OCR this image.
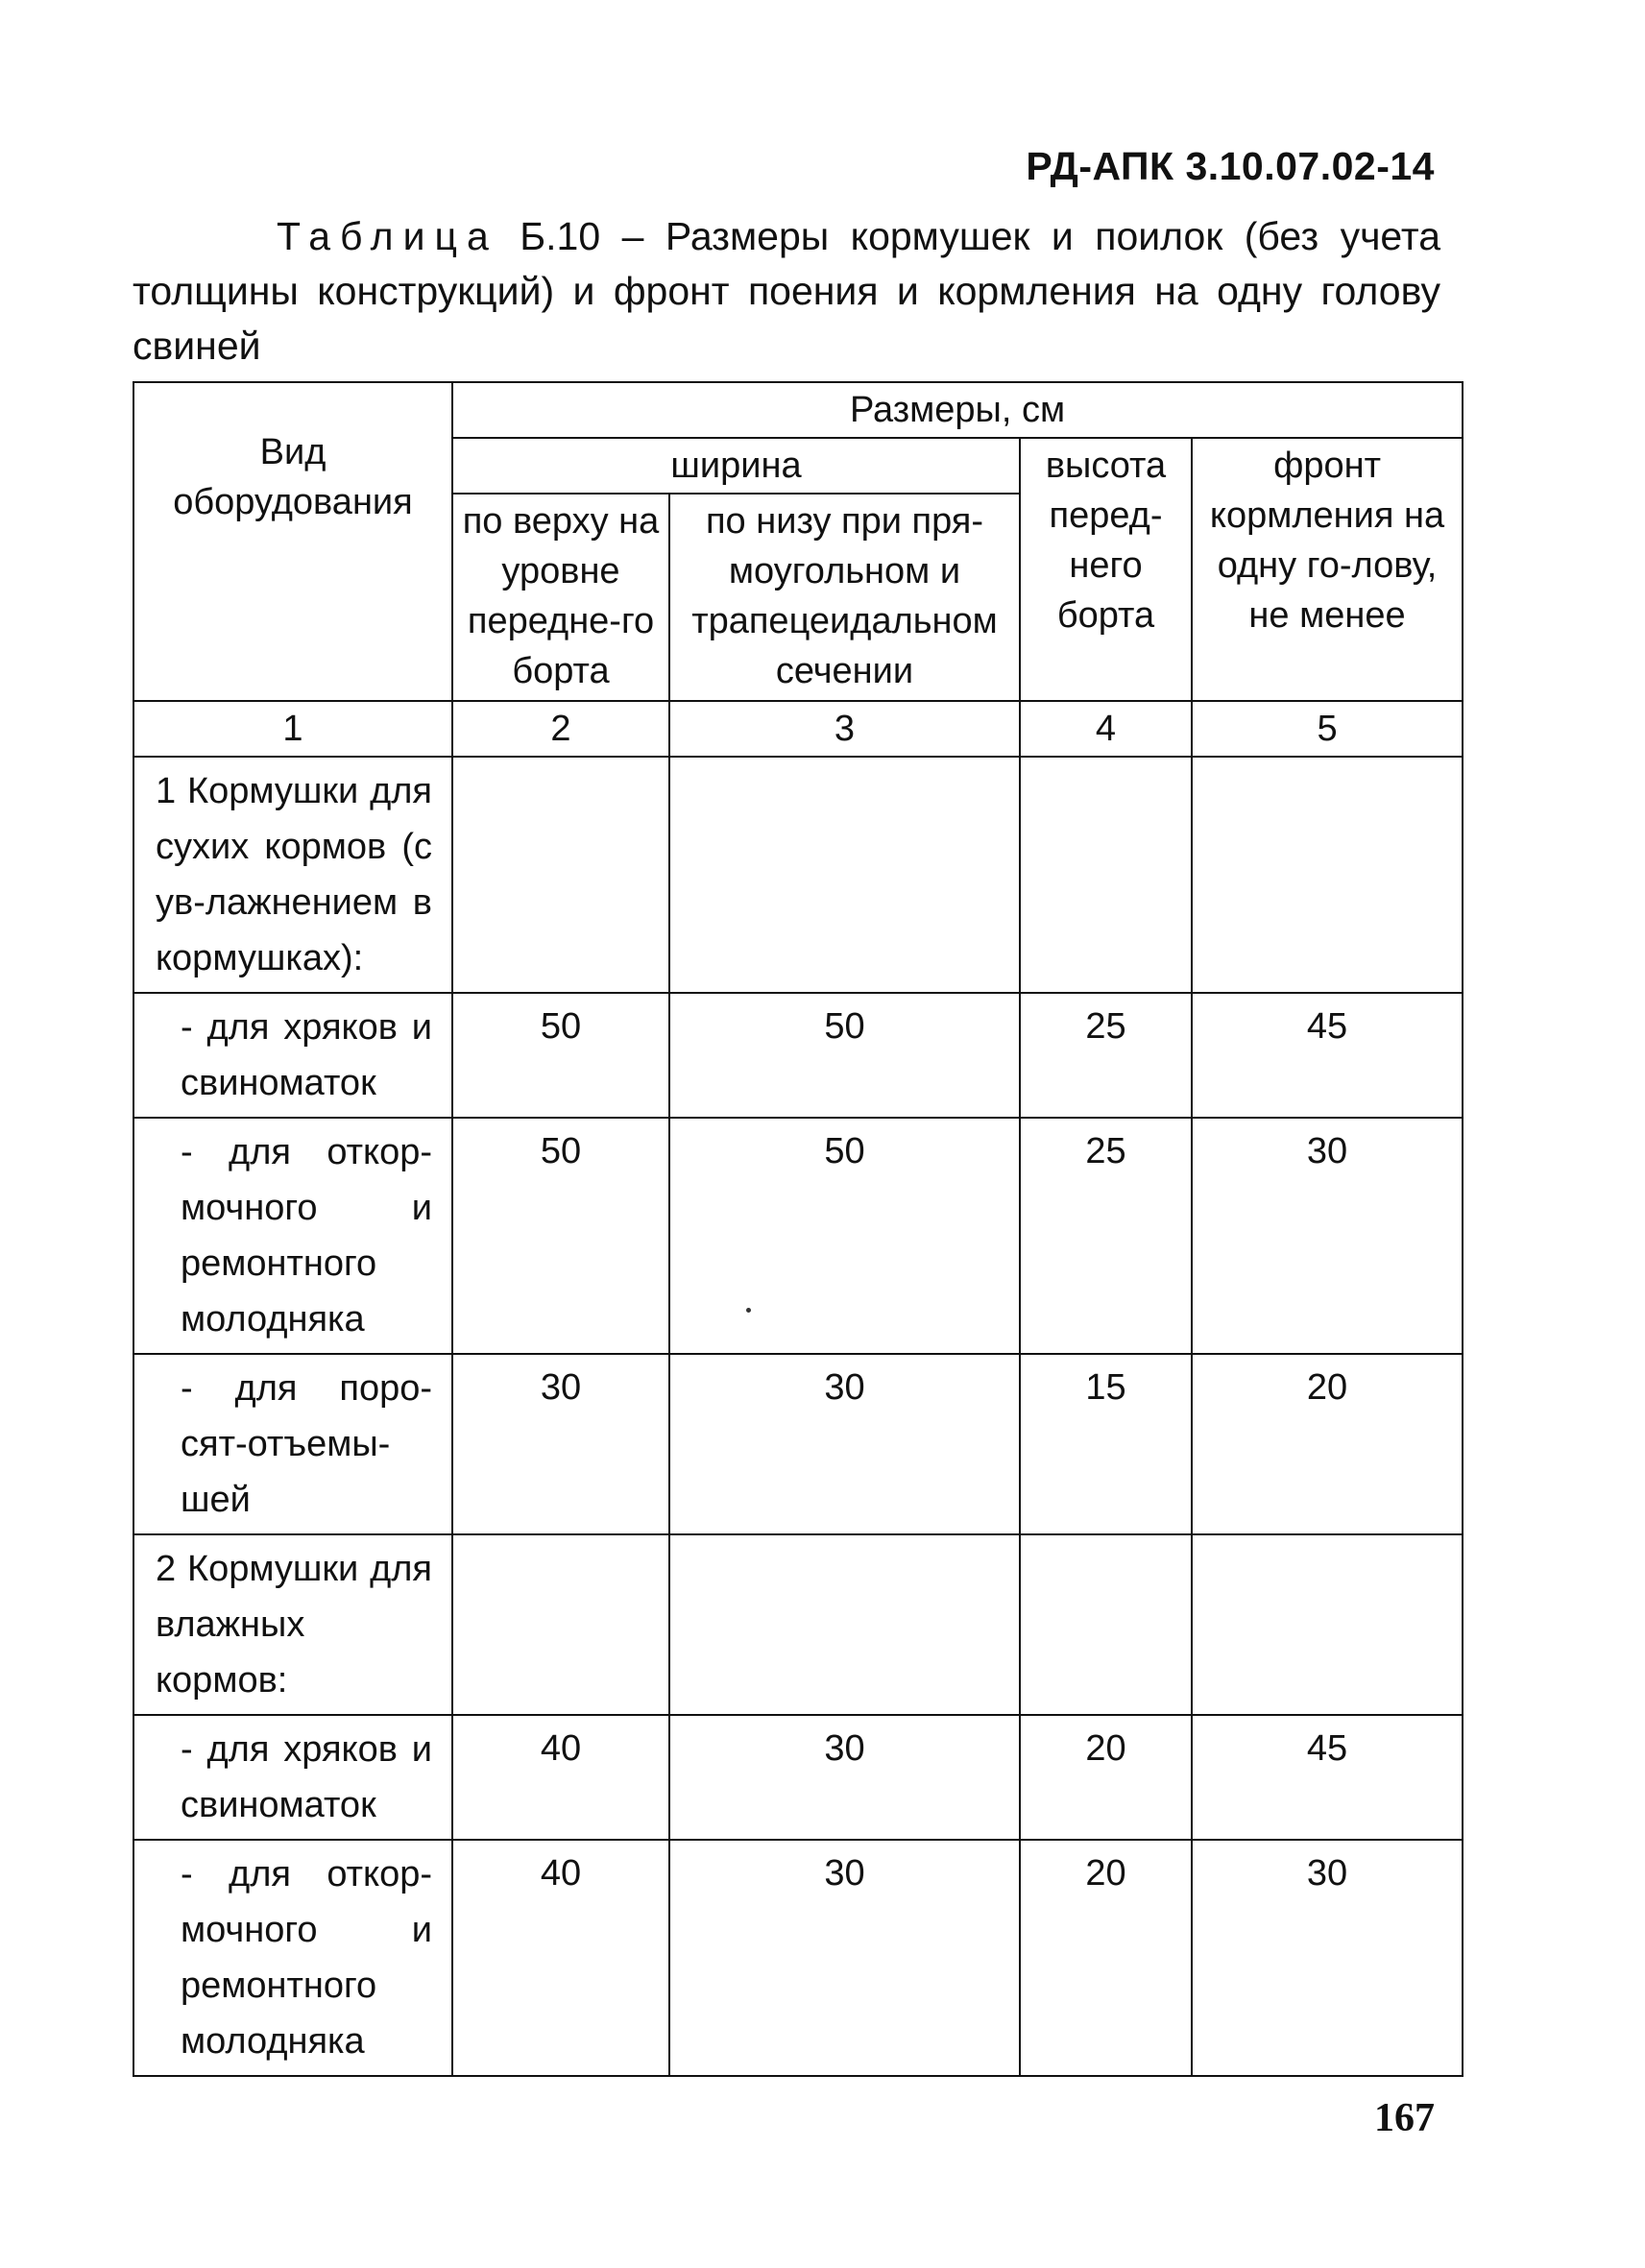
РД-АПК 3.10.07.02-14
Таблица Б.10 – Размеры кормушек и поилок (без учета толщины конструкций) и фронт поения и кормления на одну голову свиней
Вид оборудования	Размеры, см			
	ширина		высота перед-него борта	фронт кормления на одну го-лову, не менее
	по верху на уровне передне-го борта	по низу при пря-моугольном и трапецеидальном сечении		
1	2	3	4	5
1 Кормушки для сухих кормов (с ув-лажнением в кормушках):				
- для хряков и свиноматок	50	50	25	45
- для откор-мочного и ремонтного молодняка	50	50	25	30
- для поро-сят-отъемы-шей	30	30	15	20
2 Кормушки для влажных кормов:				
- для хряков и свиноматок	40	30	20	45
- для откор-мочного и ремонтного молодняка	40	30	20	30
167
